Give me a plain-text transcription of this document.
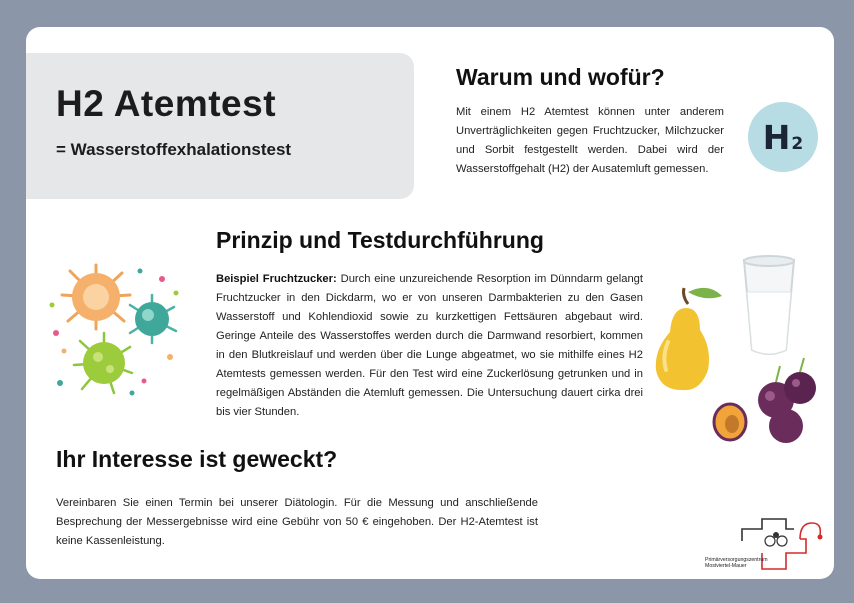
H2 Atemtest

= Wasserstoffexhalationstest

Warum und wofür?

Mit einem H2 Atemtest können unter anderem Unverträglichkeiten gegen Fruchtzucker, Milchzucker und Sorbit festgestellt werden. Dabei wird der Wasserstoffgehalt (H2) der Ausatemluft gemessen.

H 2
Prinzip und Testdurchführung

Beispiel Fruchtzucker: Durch eine unzureichende Resorption im Dünndarm gelangt Fruchtzucker in den Dickdarm, wo er von unseren Darmbakterien zu den Gasen Wasserstoff und Kohlendioxid sowie zu kurzkettigen Fettsäuren abgebaut wird. Geringe Anteile des Wasserstoffes werden durch die Darmwand resorbiert, kommen in den Blutkreislauf und werden über die Lunge abgeatmet, wo sie mithilfe eines H2 Atemtests gemessen werden. Für den Test wird eine Zuckerlösung getrunken und in regelmäßigen Abständen die Atemluft gemessen. Die Untersuchung dauert cirka drei bis vier Stunden.

Ihr Interesse ist geweckt?

Vereinbaren Sie einen Termin bei unserer Diätologin. Für die Messung und anschließende Besprechung der Messergebnisse wird eine Gebühr von 50 € eingehoben. Der H2-Atemtest ist keine Kassenleistung.

Primärversorgungszentrum
Mostviertel-Mauer
